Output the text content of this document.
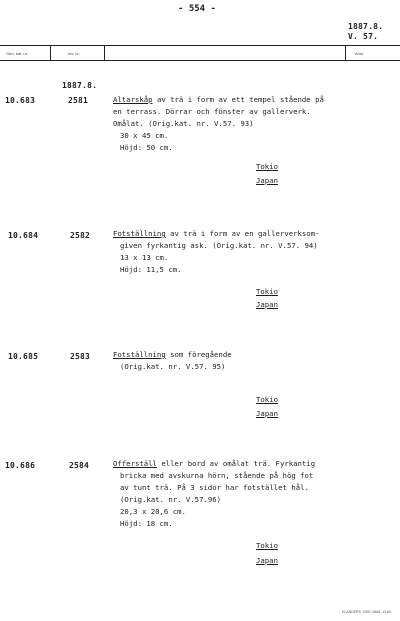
- 554 -
1887.8.
V. 57.
Gen. kat. nr.	Inv. nr.	Anm.
1887.8.
10.683	2581	Altarskåp av trä i form av ett tempel stående på
en terrass. Dörrar och fönster av gallerverk.
Omålat. (Orig.kat. nr. V.57. 93)
30 x 45 cm.
Höjd: 50 cm.
Tokio
Japan
10.684	2582	Fotställning av trä i form av en gallerverksom-
given fyrkantig ask. (Orig.kat. nr. V.57. 94)
13 x 13 cm.
Höjd: 11,5 cm.
Tokio
Japan
10.685	2583	Fotställning som föregående
(Orig.kat. nr. V.57. 95)
Tokio
Japan
10.686	2584	Offerställ eller bord av omålat trä. Fyrkantig
bricka med avskurna hörn, stående på hög fot
av tunt trä. På 3 sidor har fotstället hål.
(Orig.kat. nr. V.57.96)
20,3 x 20,6 cm.
Höjd: 18 cm.
Tokio
Japan
ELANDERS. GBG. 6646. 11.69.
